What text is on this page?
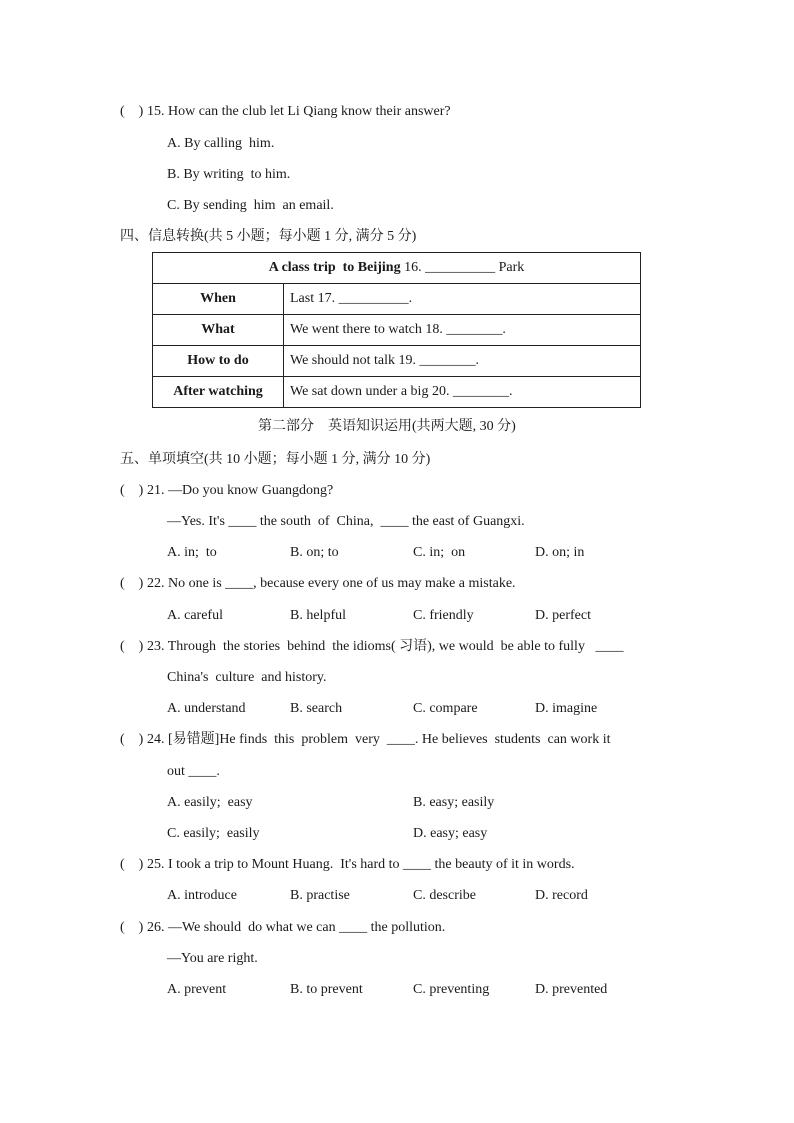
(    ) 15. How can the club let Li Qiang know their answer?
A. By calling  him.
B. By writing  to him.
C. By sending  him  an email.
四、信息转换(共 5 小题；每小题 1 分, 满分 5 分)
A class trip  to Beijing 16. __________ Park	
When	Last 17. __________.
What	We went there to watch 18. ________.
How to do	We should not talk 19. ________.
After watching	We sat down under a big 20. ________.
第二部分    英语知识运用(共两大题, 30 分)
五、单项填空(共 10 小题；每小题 1 分, 满分 10 分)
(    ) 21. —Do you know Guangdong?
—Yes. It's ____ the south  of  China,  ____ the east of Guangxi.
A. in;  to	B. on; to	C. in;  on	D. on; in
(    ) 22. No one is ____, because every one of us may make a mistake.
A. careful	B. helpful	C. friendly	D. perfect
(    ) 23. Through  the stories  behind  the idioms( 习语), we would  be able to fully   ____
China's  culture  and history.
A. understand	B. search	C. compare	D. imagine
(    ) 24. [易错题]He finds  this  problem  very  ____. He believes  students  can work it
out ____.
A. easily;  easy	B. easy; easily
C. easily;  easily	D. easy; easy
(    ) 25. I took a trip to Mount Huang.  It's hard to ____ the beauty of it in words.
A. introduce	B. practise	C. describe	D. record
(    ) 26. —We should  do what we can ____ the pollution.
—You are right.
A. prevent	B. to prevent	C. preventing	D. prevented
